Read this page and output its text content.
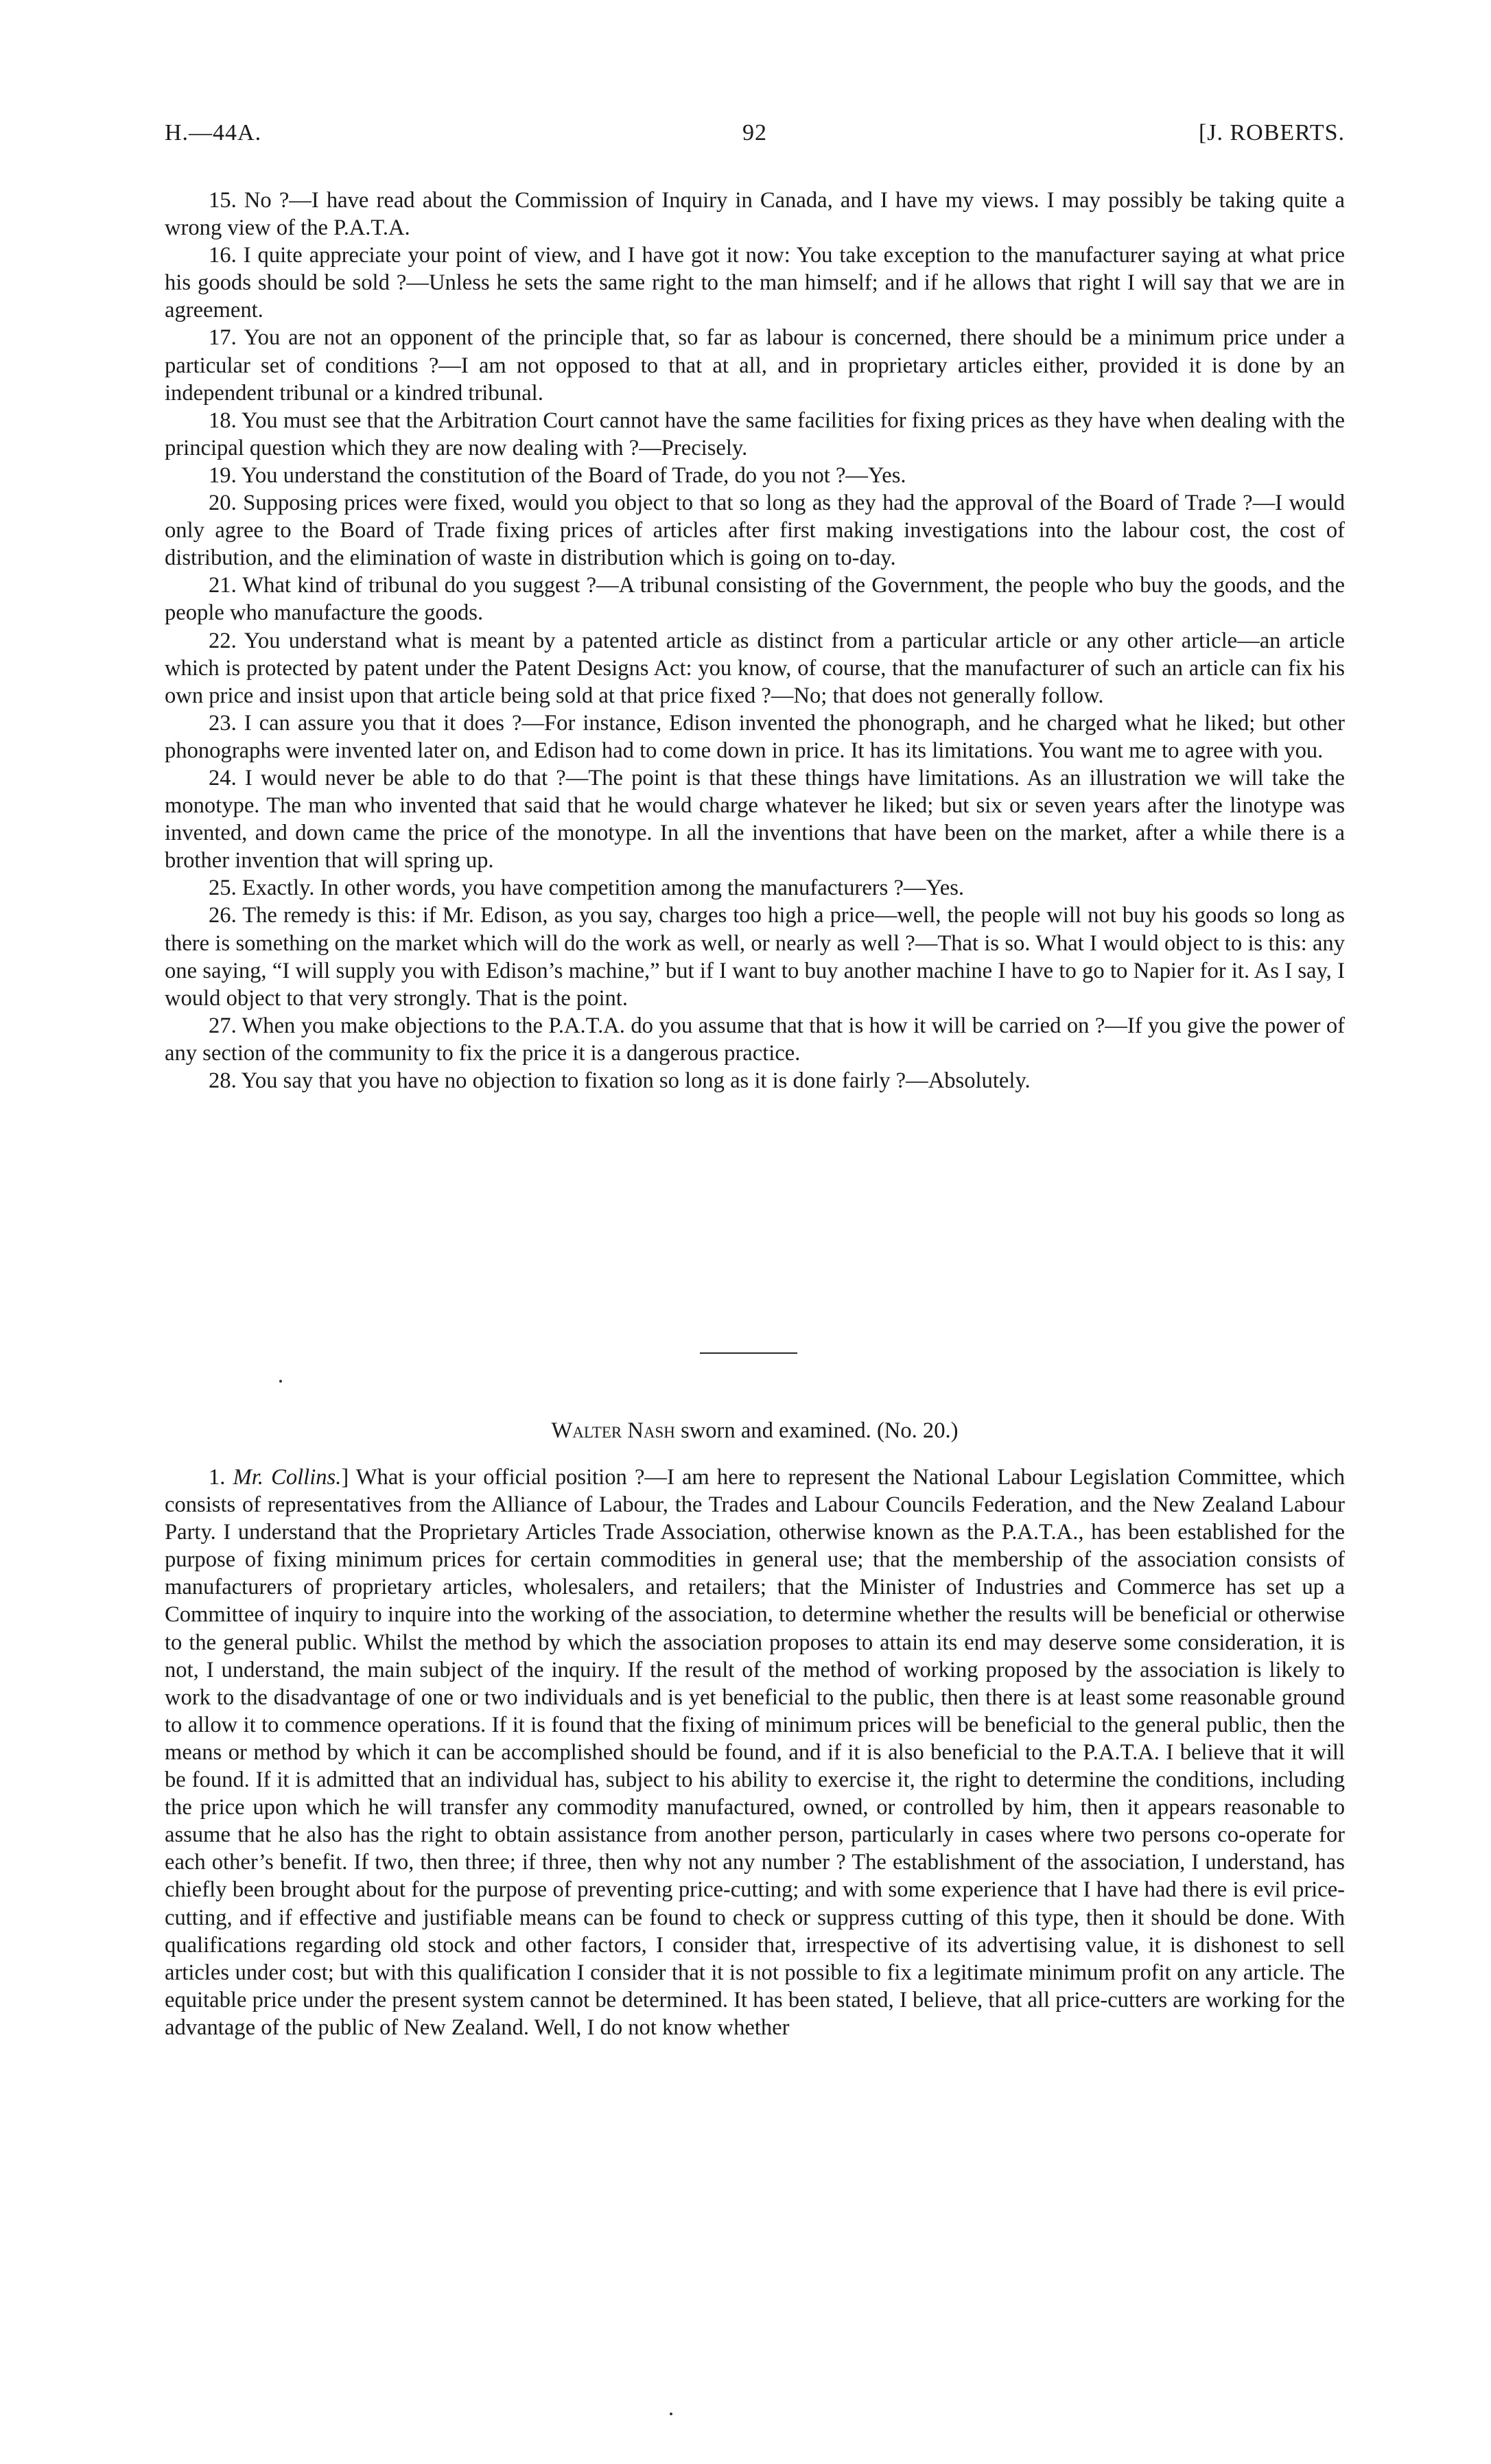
H.—44A.	92	[J. ROBERTS.

15. No ?—I have read about the Commission of Inquiry in Canada, and I have my views. I may possibly be taking quite a wrong view of the P.A.T.A.

16. I quite appreciate your point of view, and I have got it now: You take exception to the manufacturer saying at what price his goods should be sold ?—Unless he sets the same right to the man himself; and if he allows that right I will say that we are in agreement.

17. You are not an opponent of the principle that, so far as labour is concerned, there should be a minimum price under a particular set of conditions ?—I am not opposed to that at all, and in proprietary articles either, provided it is done by an independent tribunal or a kindred tribunal.

18. You must see that the Arbitration Court cannot have the same facilities for fixing prices as they have when dealing with the principal question which they are now dealing with ?—Precisely.

19. You understand the constitution of the Board of Trade, do you not ?—Yes.

20. Supposing prices were fixed, would you object to that so long as they had the approval of the Board of Trade ?—I would only agree to the Board of Trade fixing prices of articles after first making investigations into the labour cost, the cost of distribution, and the elimination of waste in distribution which is going on to-day.

21. What kind of tribunal do you suggest ?—A tribunal consisting of the Government, the people who buy the goods, and the people who manufacture the goods.

22. You understand what is meant by a patented article as distinct from a particular article or any other article—an article which is protected by patent under the Patent Designs Act: you know, of course, that the manufacturer of such an article can fix his own price and insist upon that article being sold at that price fixed ?—No; that does not generally follow.

23. I can assure you that it does ?—For instance, Edison invented the phonograph, and he charged what he liked; but other phonographs were invented later on, and Edison had to come down in price. It has its limitations. You want me to agree with you.

24. I would never be able to do that ?—The point is that these things have limitations. As an illustration we will take the monotype. The man who invented that said that he would charge whatever he liked; but six or seven years after the linotype was invented, and down came the price of the monotype. In all the inventions that have been on the market, after a while there is a brother invention that will spring up.

25. Exactly. In other words, you have competition among the manufacturers ?—Yes.

26. The remedy is this: if Mr. Edison, as you say, charges too high a price—well, the people will not buy his goods so long as there is something on the market which will do the work as well, or nearly as well ?—That is so. What I would object to is this: any one saying, “I will supply you with Edison’s machine,” but if I want to buy another machine I have to go to Napier for it. As I say, I would object to that very strongly. That is the point.

27. When you make objections to the P.A.T.A. do you assume that that is how it will be carried on ?—If you give the power of any section of the community to fix the price it is a dangerous practice.

28. You say that you have no objection to fixation so long as it is done fairly ?—Absolutely.

Walter Nash sworn and examined. (No. 20.)

1. Mr. Collins.] What is your official position ?—I am here to represent the National Labour Legislation Committee, which consists of representatives from the Alliance of Labour, the Trades and Labour Councils Federation, and the New Zealand Labour Party. I understand that the Proprietary Articles Trade Association, otherwise known as the P.A.T.A., has been established for the purpose of fixing minimum prices for certain commodities in general use; that the membership of the association consists of manufacturers of proprietary articles, wholesalers, and retailers; that the Minister of Industries and Commerce has set up a Committee of inquiry to inquire into the working of the association, to determine whether the results will be beneficial or otherwise to the general public. Whilst the method by which the association proposes to attain its end may deserve some consideration, it is not, I understand, the main subject of the inquiry. If the result of the method of working proposed by the association is likely to work to the disadvantage of one or two individuals and is yet beneficial to the public, then there is at least some reasonable ground to allow it to commence operations. If it is found that the fixing of minimum prices will be beneficial to the general public, then the means or method by which it can be accomplished should be found, and if it is also beneficial to the P.A.T.A. I believe that it will be found. If it is admitted that an individual has, subject to his ability to exercise it, the right to determine the conditions, including the price upon which he will transfer any commodity manufactured, owned, or controlled by him, then it appears reasonable to assume that he also has the right to obtain assistance from another person, particularly in cases where two persons co-operate for each other’s benefit. If two, then three; if three, then why not any number ? The establishment of the association, I understand, has chiefly been brought about for the purpose of preventing price-cutting; and with some experience that I have had there is evil price-cutting, and if effective and justifiable means can be found to check or suppress cutting of this type, then it should be done. With qualifications regarding old stock and other factors, I consider that, irrespective of its advertising value, it is dishonest to sell articles under cost; but with this qualification I consider that it is not possible to fix a legitimate minimum profit on any article. The equitable price under the present system cannot be determined. It has been stated, I believe, that all price-cutters are working for the advantage of the public of New Zealand. Well, I do not know whether
